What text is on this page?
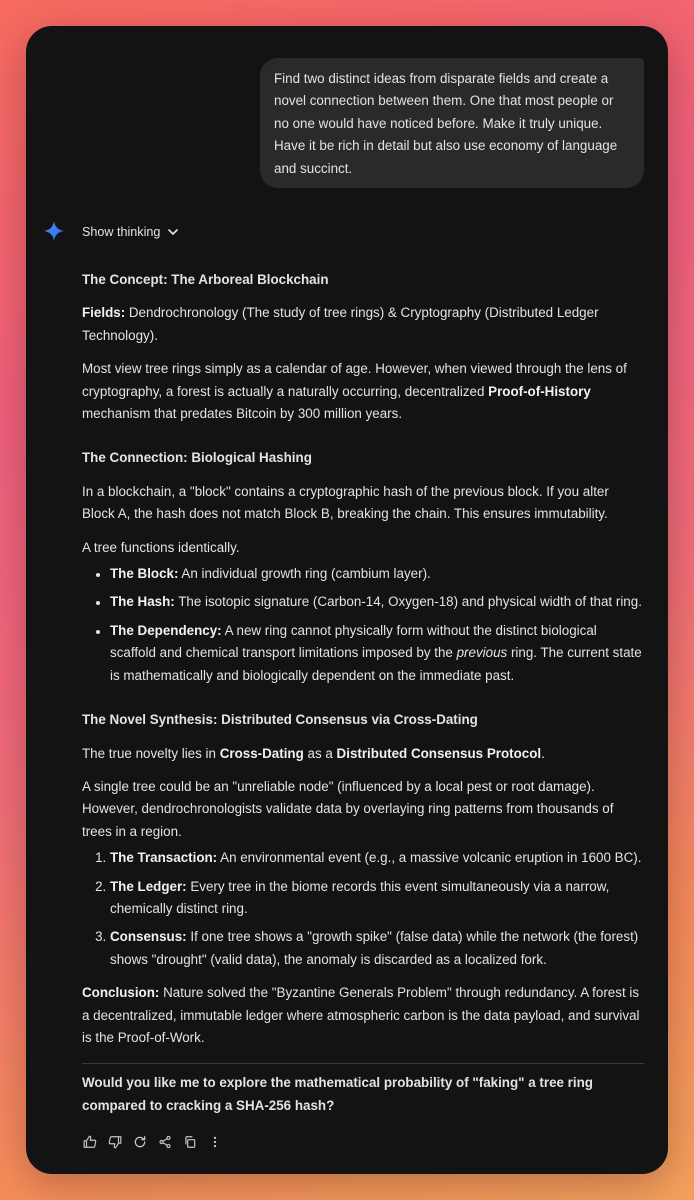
Find two distinct ideas from disparate fields and create a novel connection between them. One that most people or no one would have noticed before. Make it truly unique. Have it be rich in detail but also use economy of language and succinct.
Show thinking
The Concept: The Arboreal Blockchain

Fields: Dendrochronology (The study of tree rings) & Cryptography (Distributed Ledger Technology).

Most view tree rings simply as a calendar of age. However, when viewed through the lens of cryptography, a forest is actually a naturally occurring, decentralized Proof-of-History mechanism that predates Bitcoin by 300 million years.

The Connection: Biological Hashing

In a blockchain, a "block" contains a cryptographic hash of the previous block. If you alter Block A, the hash does not match Block B, breaking the chain. This ensures immutability.

A tree functions identically.

• The Block: An individual growth ring (cambium layer).
• The Hash: The isotopic signature (Carbon-14, Oxygen-18) and physical width of that ring.
• The Dependency: A new ring cannot physically form without the distinct biological scaffold and chemical transport limitations imposed by the previous ring. The current state is mathematically and biologically dependent on the immediate past.
The Novel Synthesis: Distributed Consensus via Cross-Dating

The true novelty lies in Cross-Dating as a Distributed Consensus Protocol.

A single tree could be an "unreliable node" (influenced by a local pest or root damage). However, dendrochronologists validate data by overlaying ring patterns from thousands of trees in a region.

1. The Transaction: An environmental event (e.g., a massive volcanic eruption in 1600 BC).
2. The Ledger: Every tree in the biome records this event simultaneously via a narrow, chemically distinct ring.
3. Consensus: If one tree shows a "growth spike" (false data) while the network (the forest) shows "drought" (valid data), the anomaly is discarded as a localized fork.

Conclusion: Nature solved the "Byzantine Generals Problem" through redundancy. A forest is a decentralized, immutable ledger where atmospheric carbon is the data payload, and survival is the Proof-of-Work.

Would you like me to explore the mathematical probability of "faking" a tree ring compared to cracking a SHA-256 hash?
